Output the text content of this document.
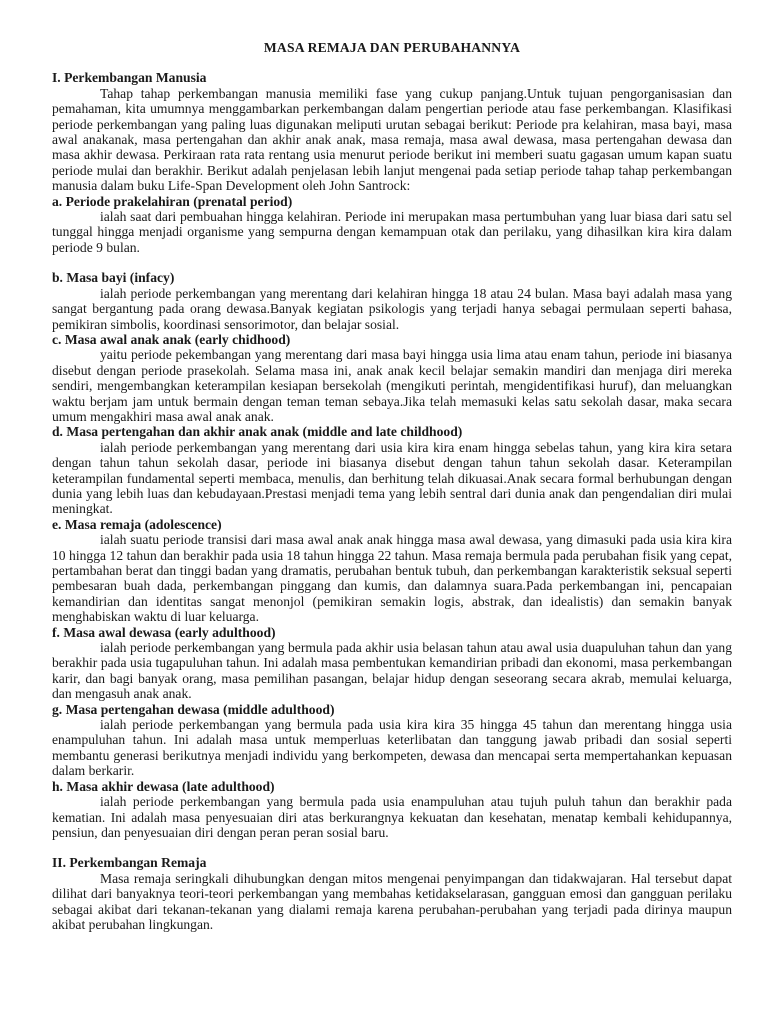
MASA REMAJA DAN PERUBAHANNYA
I. Perkembangan Manusia

Tahap tahap perkembangan manusia memiliki fase yang cukup panjang.Untuk tujuan pengorganisasian dan pemahaman, kita umumnya menggambarkan perkembangan dalam pengertian periode atau fase perkembangan. Klasifikasi periode perkembangan yang paling luas digunakan meliputi urutan sebagai berikut: Periode pra kelahiran, masa bayi, masa awal anakanak, masa pertengahan dan akhir anak anak, masa remaja, masa awal dewasa, masa pertengahan dewasa dan masa akhir dewasa. Perkiraan rata rata rentang usia menurut periode berikut ini memberi suatu gagasan umum kapan suatu periode mulai dan berakhir. Berikut adalah penjelasan lebih lanjut mengenai pada setiap periode tahap tahap perkembangan manusia dalam buku Life-Span Development oleh John Santrock:

a. Periode prakelahiran (prenatal period)

ialah saat dari pembuahan hingga kelahiran. Periode ini merupakan masa pertumbuhan yang luar biasa dari satu sel tunggal hingga menjadi organisme yang sempurna dengan kemampuan otak dan perilaku, yang dihasilkan kira kira dalam periode 9 bulan.

b. Masa bayi (infacy)

ialah periode perkembangan yang merentang dari kelahiran hingga 18 atau 24 bulan. Masa bayi adalah masa yang sangat bergantung pada orang dewasa.Banyak kegiatan psikologis yang terjadi hanya sebagai permulaan seperti bahasa, pemikiran simbolis, koordinasi sensorimotor, dan belajar sosial.

c. Masa awal anak anak (early chidhood)

yaitu periode pekembangan yang merentang dari masa bayi hingga usia lima atau enam tahun, periode ini biasanya disebut dengan periode prasekolah. Selama masa ini, anak anak kecil belajar semakin mandiri dan menjaga diri mereka sendiri, mengembangkan keterampilan kesiapan bersekolah (mengikuti perintah, mengidentifikasi huruf), dan meluangkan waktu berjam jam untuk bermain dengan teman teman sebaya.Jika telah memasuki kelas satu sekolah dasar, maka secara umum mengakhiri masa awal anak anak.

d. Masa pertengahan dan akhir anak anak (middle and late childhood)

ialah periode perkembangan yang merentang dari usia kira kira enam hingga sebelas tahun, yang kira kira setara dengan tahun tahun sekolah dasar, periode ini biasanya disebut dengan tahun tahun sekolah dasar. Keterampilan keterampilan fundamental seperti membaca, menulis, dan berhitung telah dikuasai.Anak secara formal berhubungan dengan dunia yang lebih luas dan kebudayaan.Prestasi menjadi tema yang lebih sentral dari dunia anak dan pengendalian diri mulai meningkat.

e. Masa remaja (adolescence)

ialah suatu periode transisi dari masa awal anak anak hingga masa awal dewasa, yang dimasuki pada usia kira kira 10 hingga 12 tahun dan berakhir pada usia 18 tahun hingga 22 tahun. Masa remaja bermula pada perubahan fisik yang cepat, pertambahan berat dan tinggi badan yang dramatis, perubahan bentuk tubuh, dan perkembangan karakteristik seksual seperti pembesaran buah dada, perkembangan pinggang dan kumis, dan dalamnya suara.Pada perkembangan ini, pencapaian kemandirian dan identitas sangat menonjol (pemikiran semakin logis, abstrak, dan idealistis) dan semakin banyak menghabiskan waktu di luar keluarga.

f. Masa awal dewasa (early adulthood)

ialah periode perkembangan yang bermula pada akhir usia belasan tahun atau awal usia duapuluhan tahun dan yang berakhir pada usia tugapuluhan tahun. Ini adalah masa pembentukan kemandirian pribadi dan ekonomi, masa perkembangan karir, dan bagi banyak orang, masa pemilihan pasangan, belajar hidup dengan seseorang secara akrab, memulai keluarga, dan mengasuh anak anak.

g. Masa pertengahan dewasa (middle adulthood)

ialah periode perkembangan yang bermula pada usia kira kira 35 hingga 45 tahun dan merentang hingga usia enampuluhan tahun. Ini adalah masa untuk memperluas keterlibatan dan tanggung jawab pribadi dan sosial seperti membantu generasi berikutnya menjadi individu yang berkompeten, dewasa dan mencapai serta mempertahankan kepuasan dalam berkarir.

h. Masa akhir dewasa (late adulthood)

ialah periode perkembangan yang bermula pada usia enampuluhan atau tujuh puluh tahun dan berakhir pada kematian. Ini adalah masa penyesuaian diri atas berkurangnya kekuatan dan kesehatan, menatap kembali kehidupannya, pensiun, dan penyesuaian diri dengan peran peran sosial baru.

II. Perkembangan Remaja

Masa remaja seringkali dihubungkan dengan mitos mengenai penyimpangan dan tidakwajaran. Hal tersebut dapat dilihat dari banyaknya teori-teori perkembangan yang membahas ketidakselarasan, gangguan emosi dan gangguan perilaku sebagai akibat dari tekanan-tekanan yang dialami remaja karena perubahan-perubahan yang terjadi pada dirinya maupun akibat perubahan lingkungan.
